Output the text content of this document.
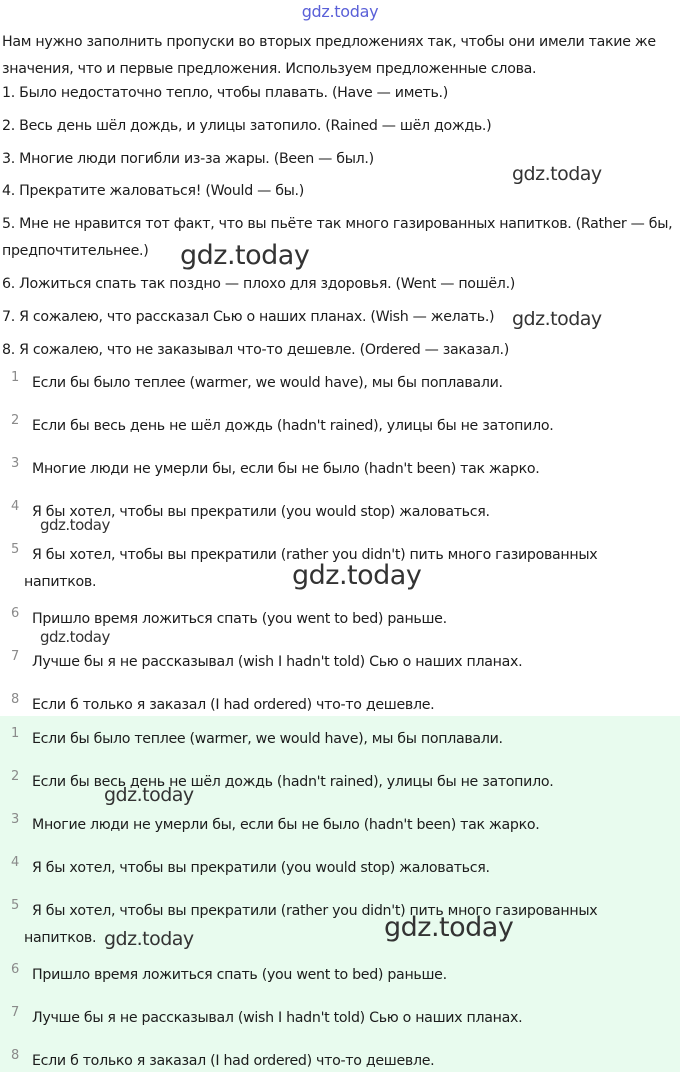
gdz.today
Нам нужно заполнить пропуски во вторых предложениях так, чтобы они имели такие же значения, что и первые предложения. Используем предложенные слова.
1. Было недостаточно тепло, чтобы плавать. (Have — иметь.)
2. Весь день шёл дождь, и улицы затопило. (Rained — шёл дождь.)
3. Многие люди погибли из-за жары. (Been — был.)
4. Прекратите жаловаться! (Would — бы.)
5. Мне не нравится тот факт, что вы пьёте так много газированных напитков. (Rather — бы, предпочтительнее.)
6. Ложиться спать так поздно — плохо для здоровья. (Went — пошёл.)
7. Я сожалею, что рассказал Сью о наших планах. (Wish — желать.)
8. Я сожалею, что не заказывал что-то дешевле. (Ordered — заказал.)
1 Если бы было теплее (warmer, we would have), мы бы поплавали.
2 Если бы весь день не шёл дождь (hadn't rained), улицы бы не затопило.
3 Многие люди не умерли бы, если бы не было (hadn't been) так жарко.
4 Я бы хотел, чтобы вы прекратили (you would stop) жаловаться.
5 Я бы хотел, чтобы вы прекратили (rather you didn't) пить много газированных
напитков.
6 Пришло время ложиться спать (you went to bed) раньше.
7 Лучше бы я не рассказывал (wish I hadn't told) Сью о наших планах.
8 Если б только я заказал (I had ordered) что-то дешевле.
1 Если бы было теплее (warmer, we would have), мы бы поплавали.
2 Если бы весь день не шёл дождь (hadn't rained), улицы бы не затопило.
3 Многие люди не умерли бы, если бы не было (hadn't been) так жарко.
4 Я бы хотел, чтобы вы прекратили (you would stop) жаловаться.
5 Я бы хотел, чтобы вы прекратили (rather you didn't) пить много газированных
напитков.
6 Пришло время ложиться спать (you went to bed) раньше.
7 Лучше бы я не рассказывал (wish I hadn't told) Сью о наших планах.
8 Если б только я заказал (I had ordered) что-то дешевле.
gdz.today
gdz.today
gdz.today
gdz.today
gdz.today
gdz.today
gdz.today
gdz.today	gdz.today
